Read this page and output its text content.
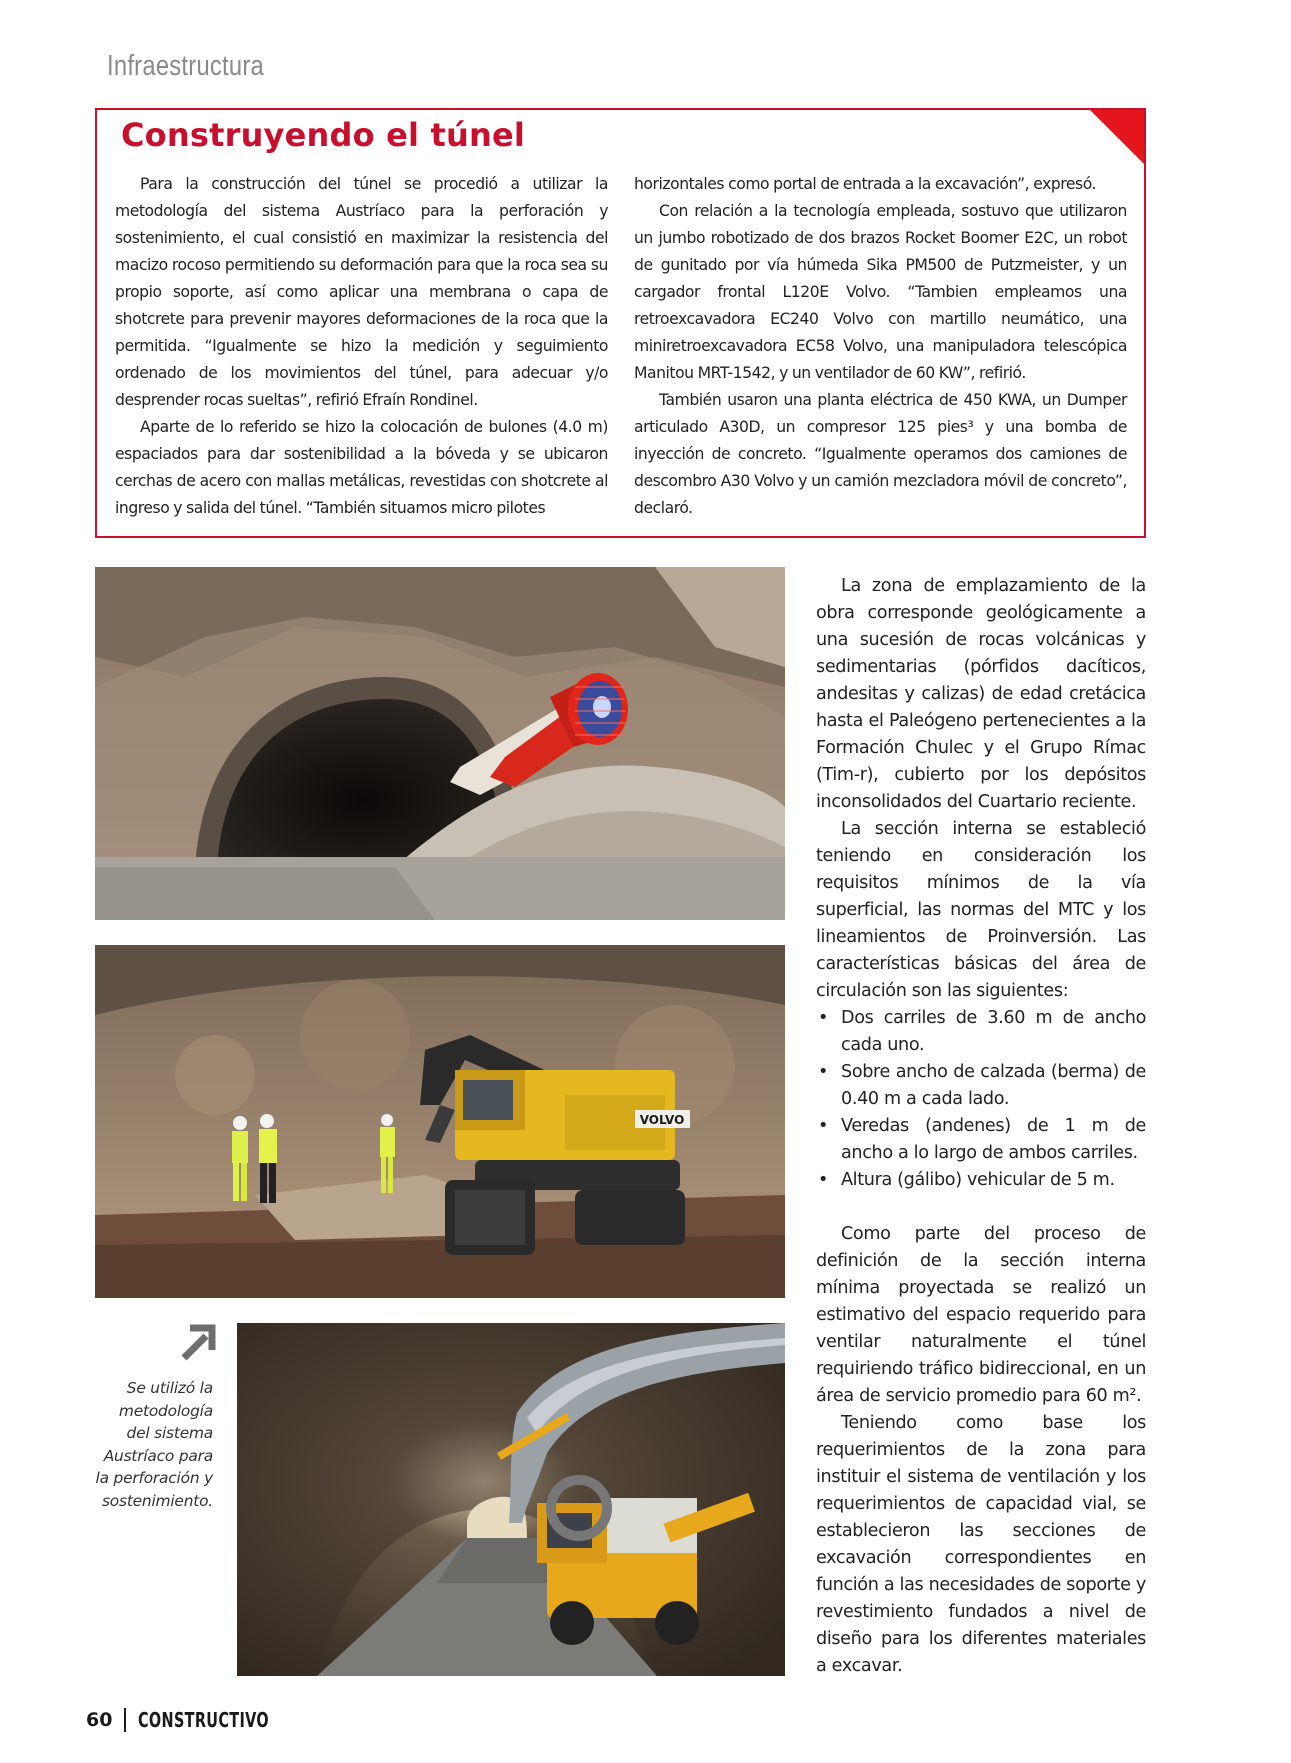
Infraestructura
Construyendo el túnel

Para la construcción del túnel se procedió a utilizar la metodología del sistema Austríaco para la perforación y sostenimiento, el cual consistió en maximizar la resistencia del macizo rocoso permitiendo su deformación para que la roca sea su propio soporte, así como aplicar una membrana o capa de shotcrete para prevenir mayores deformaciones de la roca que la permitida. “Igualmente se hizo la medición y seguimiento ordenado de los movimientos del túnel, para adecuar y/o desprender rocas sueltas”, refirió Efraín Rondinel.

Aparte de lo referido se hizo la colocación de bulones (4.0 m) espaciados para dar sostenibilidad a la bóveda y se ubicaron cerchas de acero con mallas metálicas, revestidas con shotcrete al ingreso y salida del túnel. “También situamos micro pilotes

horizontales como portal de entrada a la excavación”, expresó.

Con relación a la tecnología empleada, sostuvo que utilizaron un jumbo robotizado de dos brazos Rocket Boomer E2C, un robot de gunitado por vía húmeda Sika PM500 de Putzmeister, y un cargador frontal L120E Volvo. “Tambien empleamos una retroexcavadora EC240 Volvo con martillo neumático, una miniretroexcavadora EC58 Volvo, una manipuladora telescópica Manitou MRT-1542, y un ventilador de 60 KW”, refirió.

También usaron una planta eléctrica de 450 KWA, un Dumper articulado A30D, un compresor 125 pies³ y una bomba de inyección de concreto. “Igualmente operamos dos camiones de descombro A30 Volvo y un camión mezcladora móvil de concreto”, declaró.

VOLVO
Se utilizó la metodología del sistema Austríaco para la perforación y sostenimiento.

La zona de emplazamiento de la obra corresponde geológicamente a una sucesión de rocas volcánicas y sedimentarias (pórfidos dacíticos, andesitas y calizas) de edad cretácica hasta el Paleógeno pertenecientes a la Formación Chulec y el Grupo Rímac (Tim-r), cubierto por los depósitos inconsolidados del Cuartario reciente.

La sección interna se estableció teniendo en consideración los requisitos mínimos de la vía superficial, las normas del MTC y los lineamientos de Proinversión. Las características básicas del área de circulación son las siguientes:

• Dos carriles de 3.60 m de ancho cada uno.
• Sobre ancho de calzada (berma) de 0.40 m a cada lado.
• Veredas (andenes) de 1 m de ancho a lo largo de ambos carriles.
• Altura (gálibo) vehicular de 5 m.

Como parte del proceso de definición de la sección interna mínima proyectada se realizó un estimativo del espacio requerido para ventilar naturalmente el túnel requiriendo tráfico bidireccional, en un área de servicio promedio para 60 m².

Teniendo como base los requerimientos de la zona para instituir el sistema de ventilación y los requerimientos de capacidad vial, se establecieron las secciones de excavación correspondientes en función a las necesidades de soporte y revestimiento fundados a nivel de diseño para los diferentes materiales a excavar.

60 CONSTRUCTIVO
